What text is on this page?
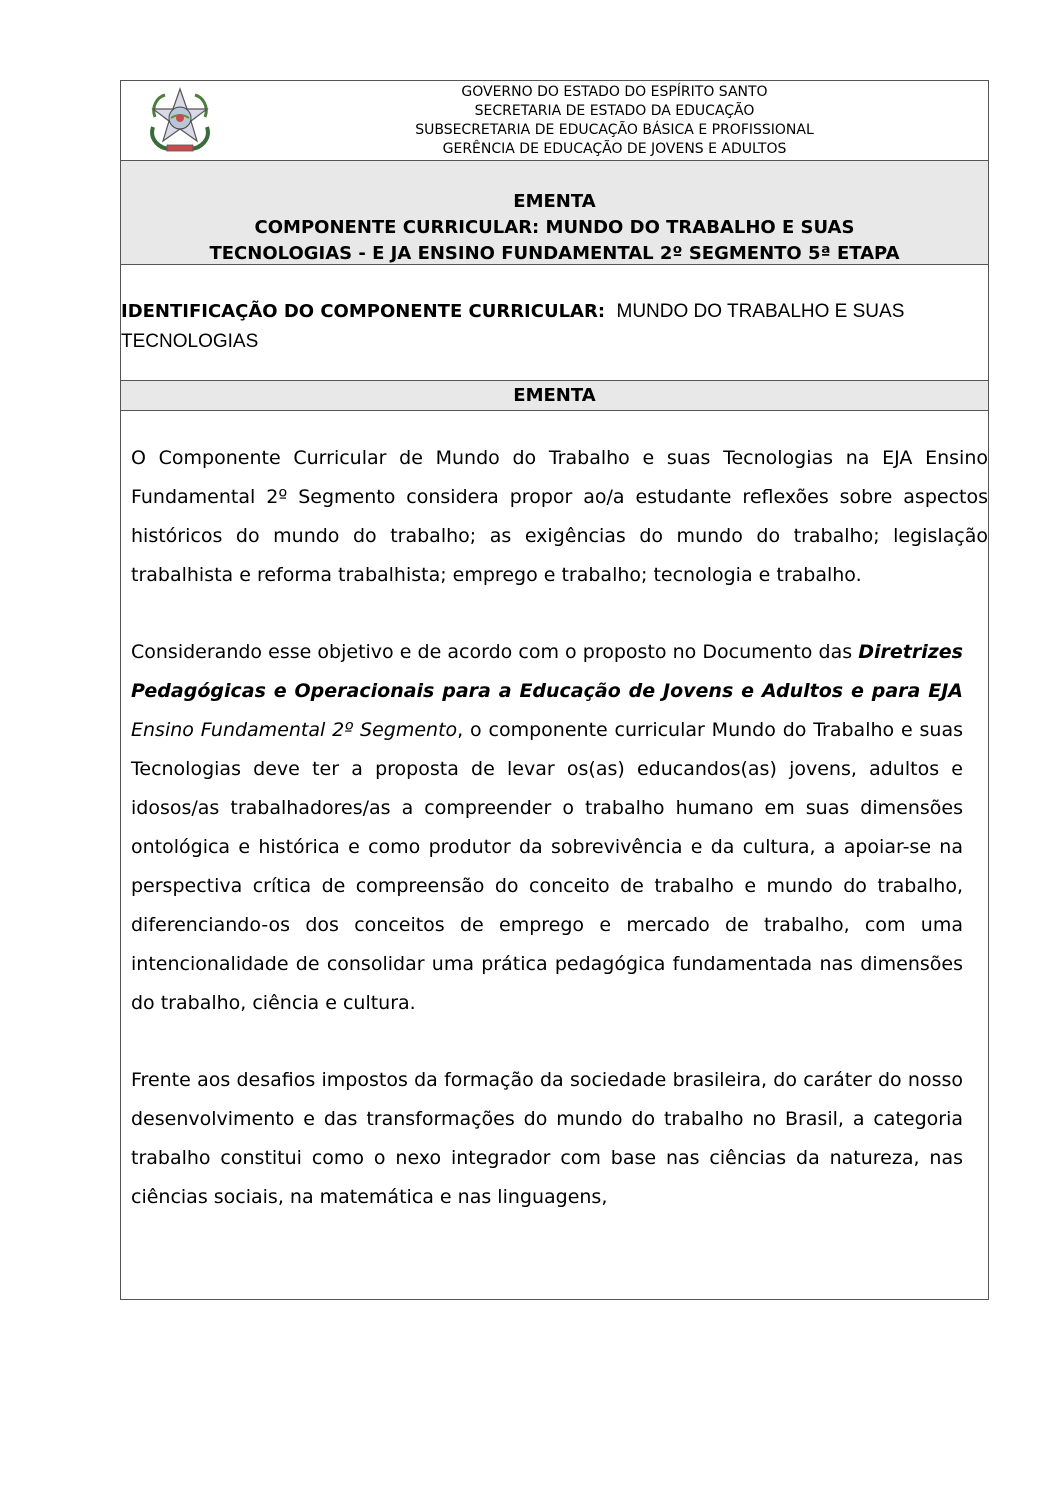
GOVERNO DO ESTADO DO ESPÍRITO SANTO
SECRETARIA DE ESTADO DA EDUCAÇÃO
SUBSECRETARIA DE EDUCAÇÃO BÁSICA E PROFISSIONAL
GERÊNCIA DE EDUCAÇÃO DE JOVENS E ADULTOS
EMENTA
COMPONENTE CURRICULAR: MUNDO DO TRABALHO E SUAS
TECNOLOGIAS - E JA ENSINO FUNDAMENTAL 2º SEGMENTO 5ª ETAPA
IDENTIFICAÇÃO DO COMPONENTE CURRICULAR: MUNDO DO TRABALHO E SUAS TECNOLOGIAS
EMENTA

O Componente Curricular de Mundo do Trabalho e suas Tecnologias na EJA Ensino Fundamental 2º Segmento considera propor ao/a estudante reflexões sobre aspectos históricos do mundo do trabalho; as exigências do mundo do trabalho; legislação trabalhista e reforma trabalhista; emprego e trabalho; tecnologia e trabalho.

Considerando esse objetivo e de acordo com o proposto no Documento das Diretrizes Pedagógicas e Operacionais para a Educação de Jovens e Adultos e para EJA Ensino Fundamental 2º Segmento, o componente curricular Mundo do Trabalho e suas Tecnologias deve ter a proposta de levar os(as) educandos(as) jovens, adultos e idosos/as trabalhadores/as a compreender o trabalho humano em suas dimensões ontológica e histórica e como produtor da sobrevivência e da cultura, a apoiar-se na perspectiva crítica de compreensão do conceito de trabalho e mundo do trabalho, diferenciando-os dos conceitos de emprego e mercado de trabalho, com uma intencionalidade de consolidar uma prática pedagógica fundamentada nas dimensões do trabalho, ciência e cultura.

Frente aos desafios impostos da formação da sociedade brasileira, do caráter do nosso desenvolvimento e das transformações do mundo do trabalho no Brasil, a categoria trabalho constitui como o nexo integrador com base nas ciências da natureza, nas ciências sociais, na matemática e nas linguagens,
